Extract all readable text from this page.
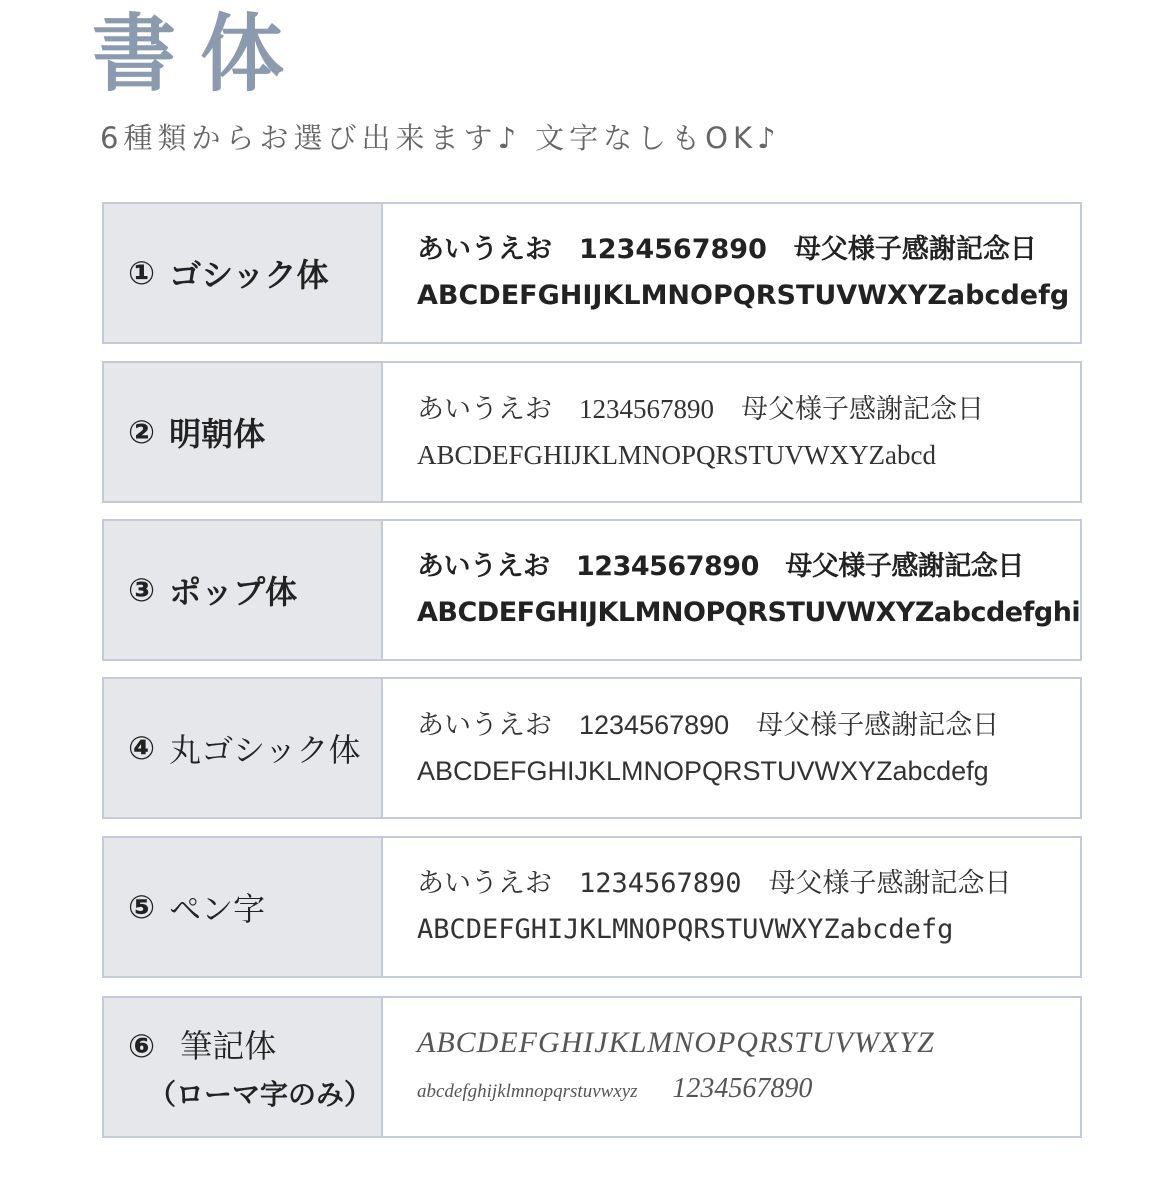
書体
6種類からお選び出来ます♪ 文字なしもOK♪
① ゴシック体
あいうえお　1234567890　母父様子感謝記念日
ABCDEFGHIJKLMNOPQRSTUVWXYZabcdefg
② 明朝体
あいうえお　1234567890　母父様子感謝記念日
ABCDEFGHIJKLMNOPQRSTUVWXYZabcd
③ ポップ体
あいうえお　1234567890　母父様子感謝記念日
ABCDEFGHIJKLMNOPQRSTUVWXYZabcdefghi
④ 丸ゴシック体
あいうえお　1234567890　母父様子感謝記念日
ABCDEFGHIJKLMNOPQRSTUVWXYZabcdefg
⑤ ペン字
あいうえお　1234567890　母父様子感謝記念日
ABCDEFGHIJKLMNOPQRSTUVWXYZabcdefg
⑥ 筆記体
（ローマ字のみ）
ABCDEFGHIJKLMNOPQRSTUVWXYZ
abcdefghijklmnopqrstuvwxyz 1234567890
